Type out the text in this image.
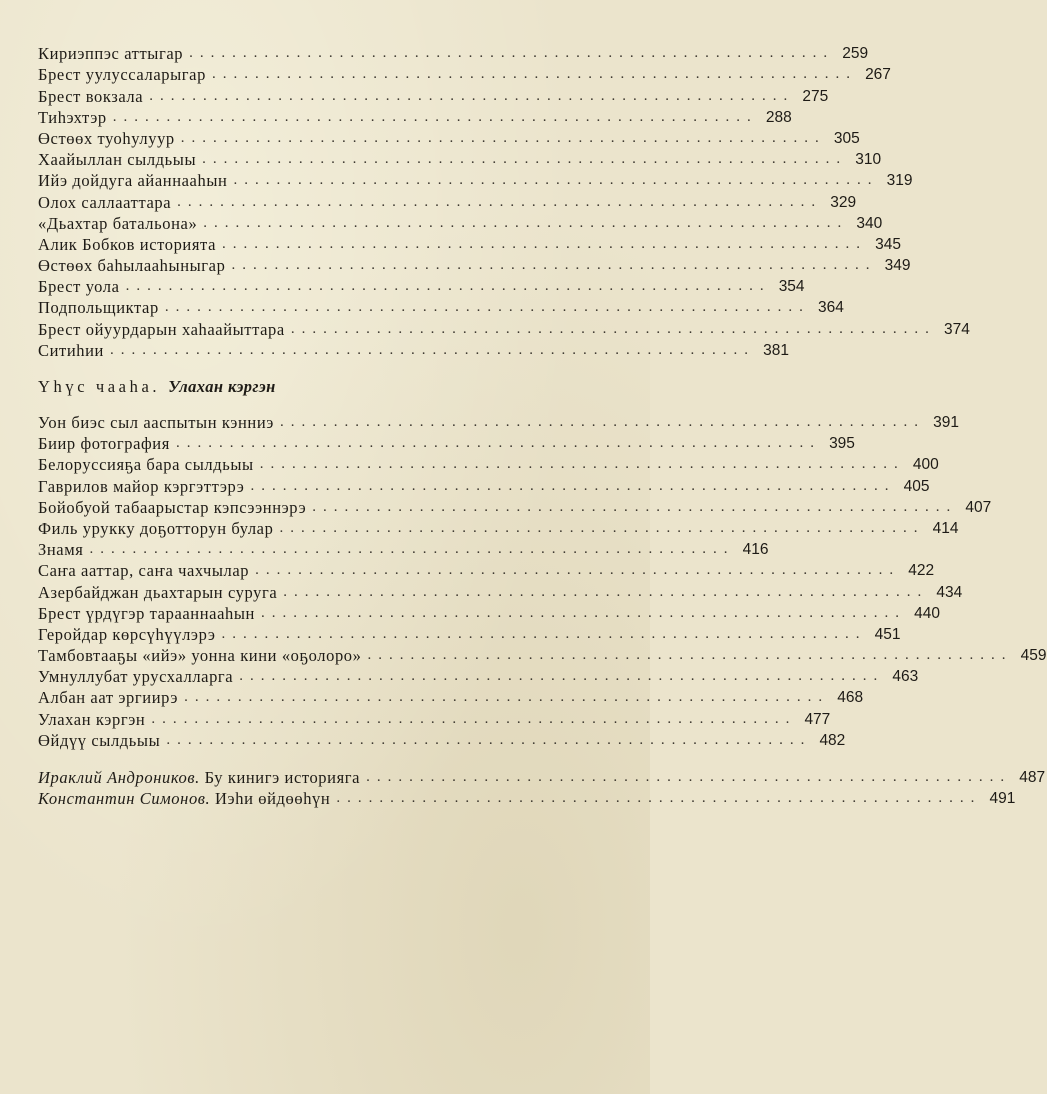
Кириэппэс аттыгар ............................................................ 259
Брест уулуссаларыгар ............................................................ 267
Брест вокзала ............................................................ 275
Тиһэхтэр ............................................................ 288
Өстөөх туоһулуур ............................................................ 305
Хаайыллан сылдьыы ............................................................ 310
Ийэ дойдуга айаннааһын ............................................................ 319
Олох саллааттара ............................................................ 329
«Дьахтар батальона» ............................................................ 340
Алик Бобков историята ............................................................ 345
Өстөөх баһылааһыныгар ............................................................ 349
Брест уола ............................................................ 354
Подпольщиктар ............................................................ 364
Брест ойуурдарын хаһаайыттара ............................................................ 374
Ситиһии ............................................................ 381
Үһүс чааһа. Улахан кэргэн
Уон биэс сыл ааспытын кэнниэ ............................................................ 391
Биир фотография ............................................................ 395
Белоруссияҕа бара сылдьыы ............................................................ 400
Гаврилов майор кэргэттэрэ ............................................................ 405
Бойобуой табаарыстар кэпсээннэрэ ............................................................ 407
Филь уруккy доҕотторун булар ............................................................ 414
Знамя ............................................................ 416
Саҥа ааттар, саҥа чахчылар ............................................................ 422
Азербайджан дьахтарын суруга ............................................................ 434
Брест үрдүгэр тарааннааһын ............................................................ 440
Геройдар көрсүһүүлэрэ ............................................................ 451
Тамбовтааҕы «ийэ» уонна кини «оҕолоро» ............................................................ 459
Умнуллубат урусхалларга ............................................................ 463
Албан аат эргиирэ ............................................................ 468
Улахан кэргэн ............................................................ 477
Өйдүү сылдьыы ............................................................ 482
Ираклий Андроников. Бу кинигэ историяга ............................................................ 487
Константин Симонов. Иэһи өйдөөһүн ............................................................ 491
